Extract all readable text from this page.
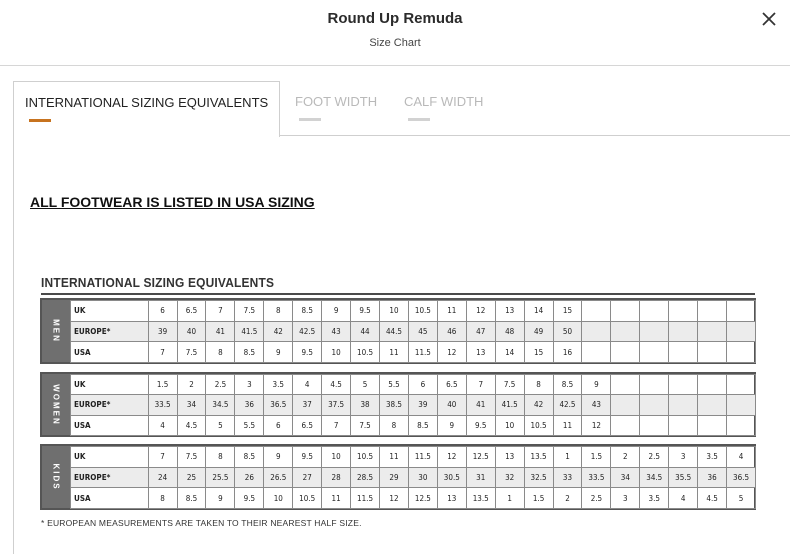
Round Up Remuda
Size Chart
INTERNATIONAL SIZING EQUIVALENTS FOOT WIDTH CALF WIDTH
ALL FOOTWEAR IS LISTED IN USA SIZING
INTERNATIONAL SIZING EQUIVALENTS
MEN
UK	6	6.5	7	7.5	8	8.5	9	9.5	10	10.5	11	12	13	14	15						
EUROPE*	39	40	41	41.5	42	42.5	43	44	44.5	45	46	47	48	49	50						
USA	7	7.5	8	8.5	9	9.5	10	10.5	11	11.5	12	13	14	15	16						
WOMEN UK	1.5	2	2.5	3	3.5	4	4.5	5	5.5	6	6.5	7	7.5	8	8.5	9					
EUROPE*	33.5	34	34.5	36	36.5	37	37.5	38	38.5	39	40	41	41.5	42	42.5	43					
USA	4	4.5	5	5.5	6	6.5	7	7.5	8	8.5	9	9.5	10	10.5	11	12					
KIDS
UK	7	7.5	8	8.5	9	9.5	10	10.5	11	11.5	12	12.5	13	13.5	1	1.5	2	2.5	3	3.5	4
EUROPE*	24	25	25.5	26	26.5	27	28	28.5	29	30	30.5	31	32	32.5	33	33.5	34	34.5	35.5	36	36.5
USA	8	8.5	9	9.5	10	10.5	11	11.5	12	12.5	13	13.5	1	1.5	2	2.5	3	3.5	4	4.5	5
* EUROPEAN MEASUREMENTS ARE TAKEN TO THEIR NEAREST HALF SIZE.
